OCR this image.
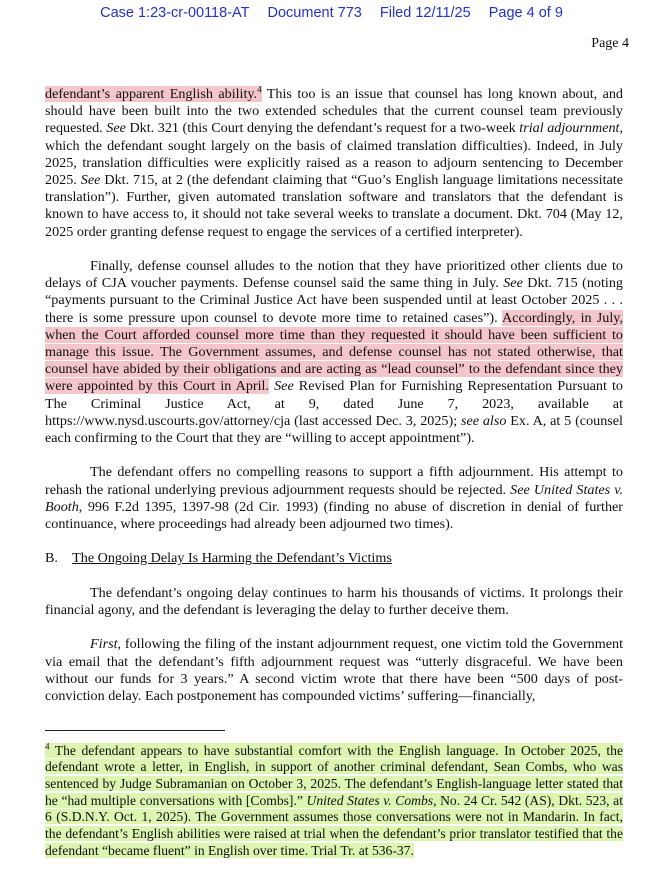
Case 1:23-cr-00118-AT Document 773 Filed 12/11/25 Page 4 of 9
Page 4

defendant’s apparent English ability.$^4$ This too is an issue that counsel has long known about, and should have been built into the two extended schedules that the current counsel team previously requested. See Dkt. 321 (this Court denying the defendant’s request for a two-week trial adjournment, which the defendant sought largely on the basis of claimed translation difficulties). Indeed, in July 2025, translation difficulties were explicitly raised as a reason to adjourn sentencing to December 2025. See Dkt. 715, at 2 (the defendant claiming that “Guo’s English language limitations necessitate translation”). Further, given automated translation software and translators that the defendant is known to have access to, it should not take several weeks to translate a document. Dkt. 704 (May 12, 2025 order granting defense request to engage the services of a certified interpreter).

Finally, defense counsel alludes to the notion that they have prioritized other clients due to delays of CJA voucher payments. Defense counsel said the same thing in July. See Dkt. 715 (noting “payments pursuant to the Criminal Justice Act have been suspended until at least October 2025 . . . there is some pressure upon counsel to devote more time to retained cases”). Accordingly, in July, when the Court afforded counsel more time than they requested it should have been sufficient to manage this issue. The Government assumes, and defense counsel has not stated otherwise, that counsel have abided by their obligations and are acting as “lead counsel” to the defendant since they were appointed by this Court in April. See Revised Plan for Furnishing Representation Pursuant to The Criminal Justice Act, at 9, dated June 7, 2023, available at https://www.nysd.uscourts.gov/attorney/cja (last accessed Dec. 3, 2025); see also Ex. A, at 5 (counsel each confirming to the Court that they are “willing to accept appointment”).

The defendant offers no compelling reasons to support a fifth adjournment. His attempt to rehash the rational underlying previous adjournment requests should be rejected. See United States v. Booth, 996 F.2d 1395, 1397-98 (2d Cir. 1993) (finding no abuse of discretion in denial of further continuance, where proceedings had already been adjourned two times).

B. The Ongoing Delay Is Harming the Defendant’s Victims

The defendant’s ongoing delay continues to harm his thousands of victims. It prolongs their financial agony, and the defendant is leveraging the delay to further deceive them.

First, following the filing of the instant adjournment request, one victim told the Government via email that the defendant’s fifth adjournment request was “utterly disgraceful. We have been without our funds for 3 years.” A second victim wrote that there have been “500 days of post-conviction delay. Each postponement has compounded victims’ suffering—financially,

$^4$ The defendant appears to have substantial comfort with the English language. In October 2025, the defendant wrote a letter, in English, in support of another criminal defendant, Sean Combs, who was sentenced by Judge Subramanian on October 3, 2025. The defendant’s English-language letter stated that he “had multiple conversations with [Combs].” United States v. Combs, No. 24 Cr. 542 (AS), Dkt. 523, at 6 (S.D.N.Y. Oct. 1, 2025). The Government assumes those conversations were not in Mandarin. In fact, the defendant’s English abilities were raised at trial when the defendant’s prior translator testified that the defendant “became fluent” in English over time. Trial Tr. at 536-37.
